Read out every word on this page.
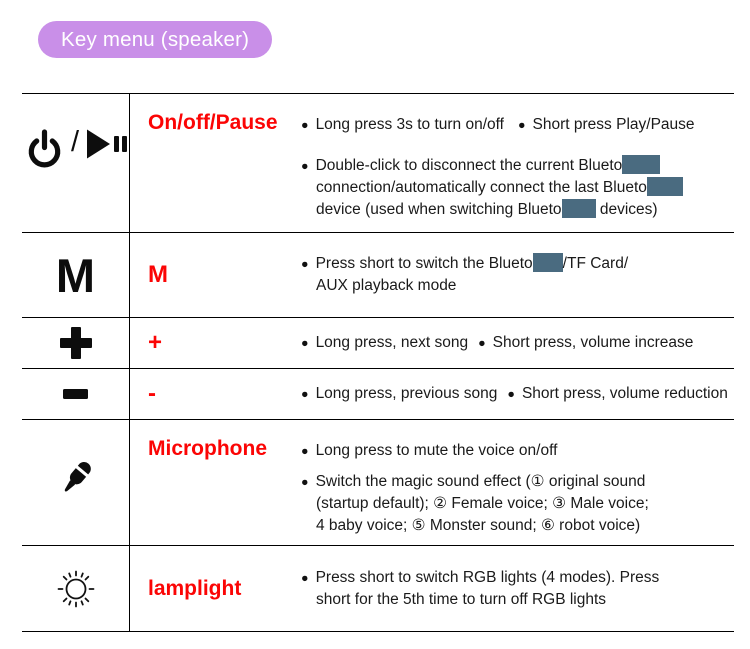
Key menu (speaker)
/
On/off/Pause	● Long press 3s to turn on/off ● Short press Play/Pause
● Double-click to disconnect the current Blueto
connection/automatically connect the last Blueto
device (used when switching Blueto devices)
M M	● Press short to switch the Blueto /TF Card/
AUX playback mode
+	● Long press, next song ● Short press, volume increase
-	● Long press, previous song ● Short press, volume reduction
Microphone	● Long press to mute the voice on/off
● Switch the magic sound effect (① original sound
(startup default); ② Female voice; ③ Male voice;
4 baby voice; ⑤ Monster sound; ⑥ robot voice)
lamplight	● Press short to switch RGB lights (4 modes). Press
short for the 5th time to turn off RGB lights
